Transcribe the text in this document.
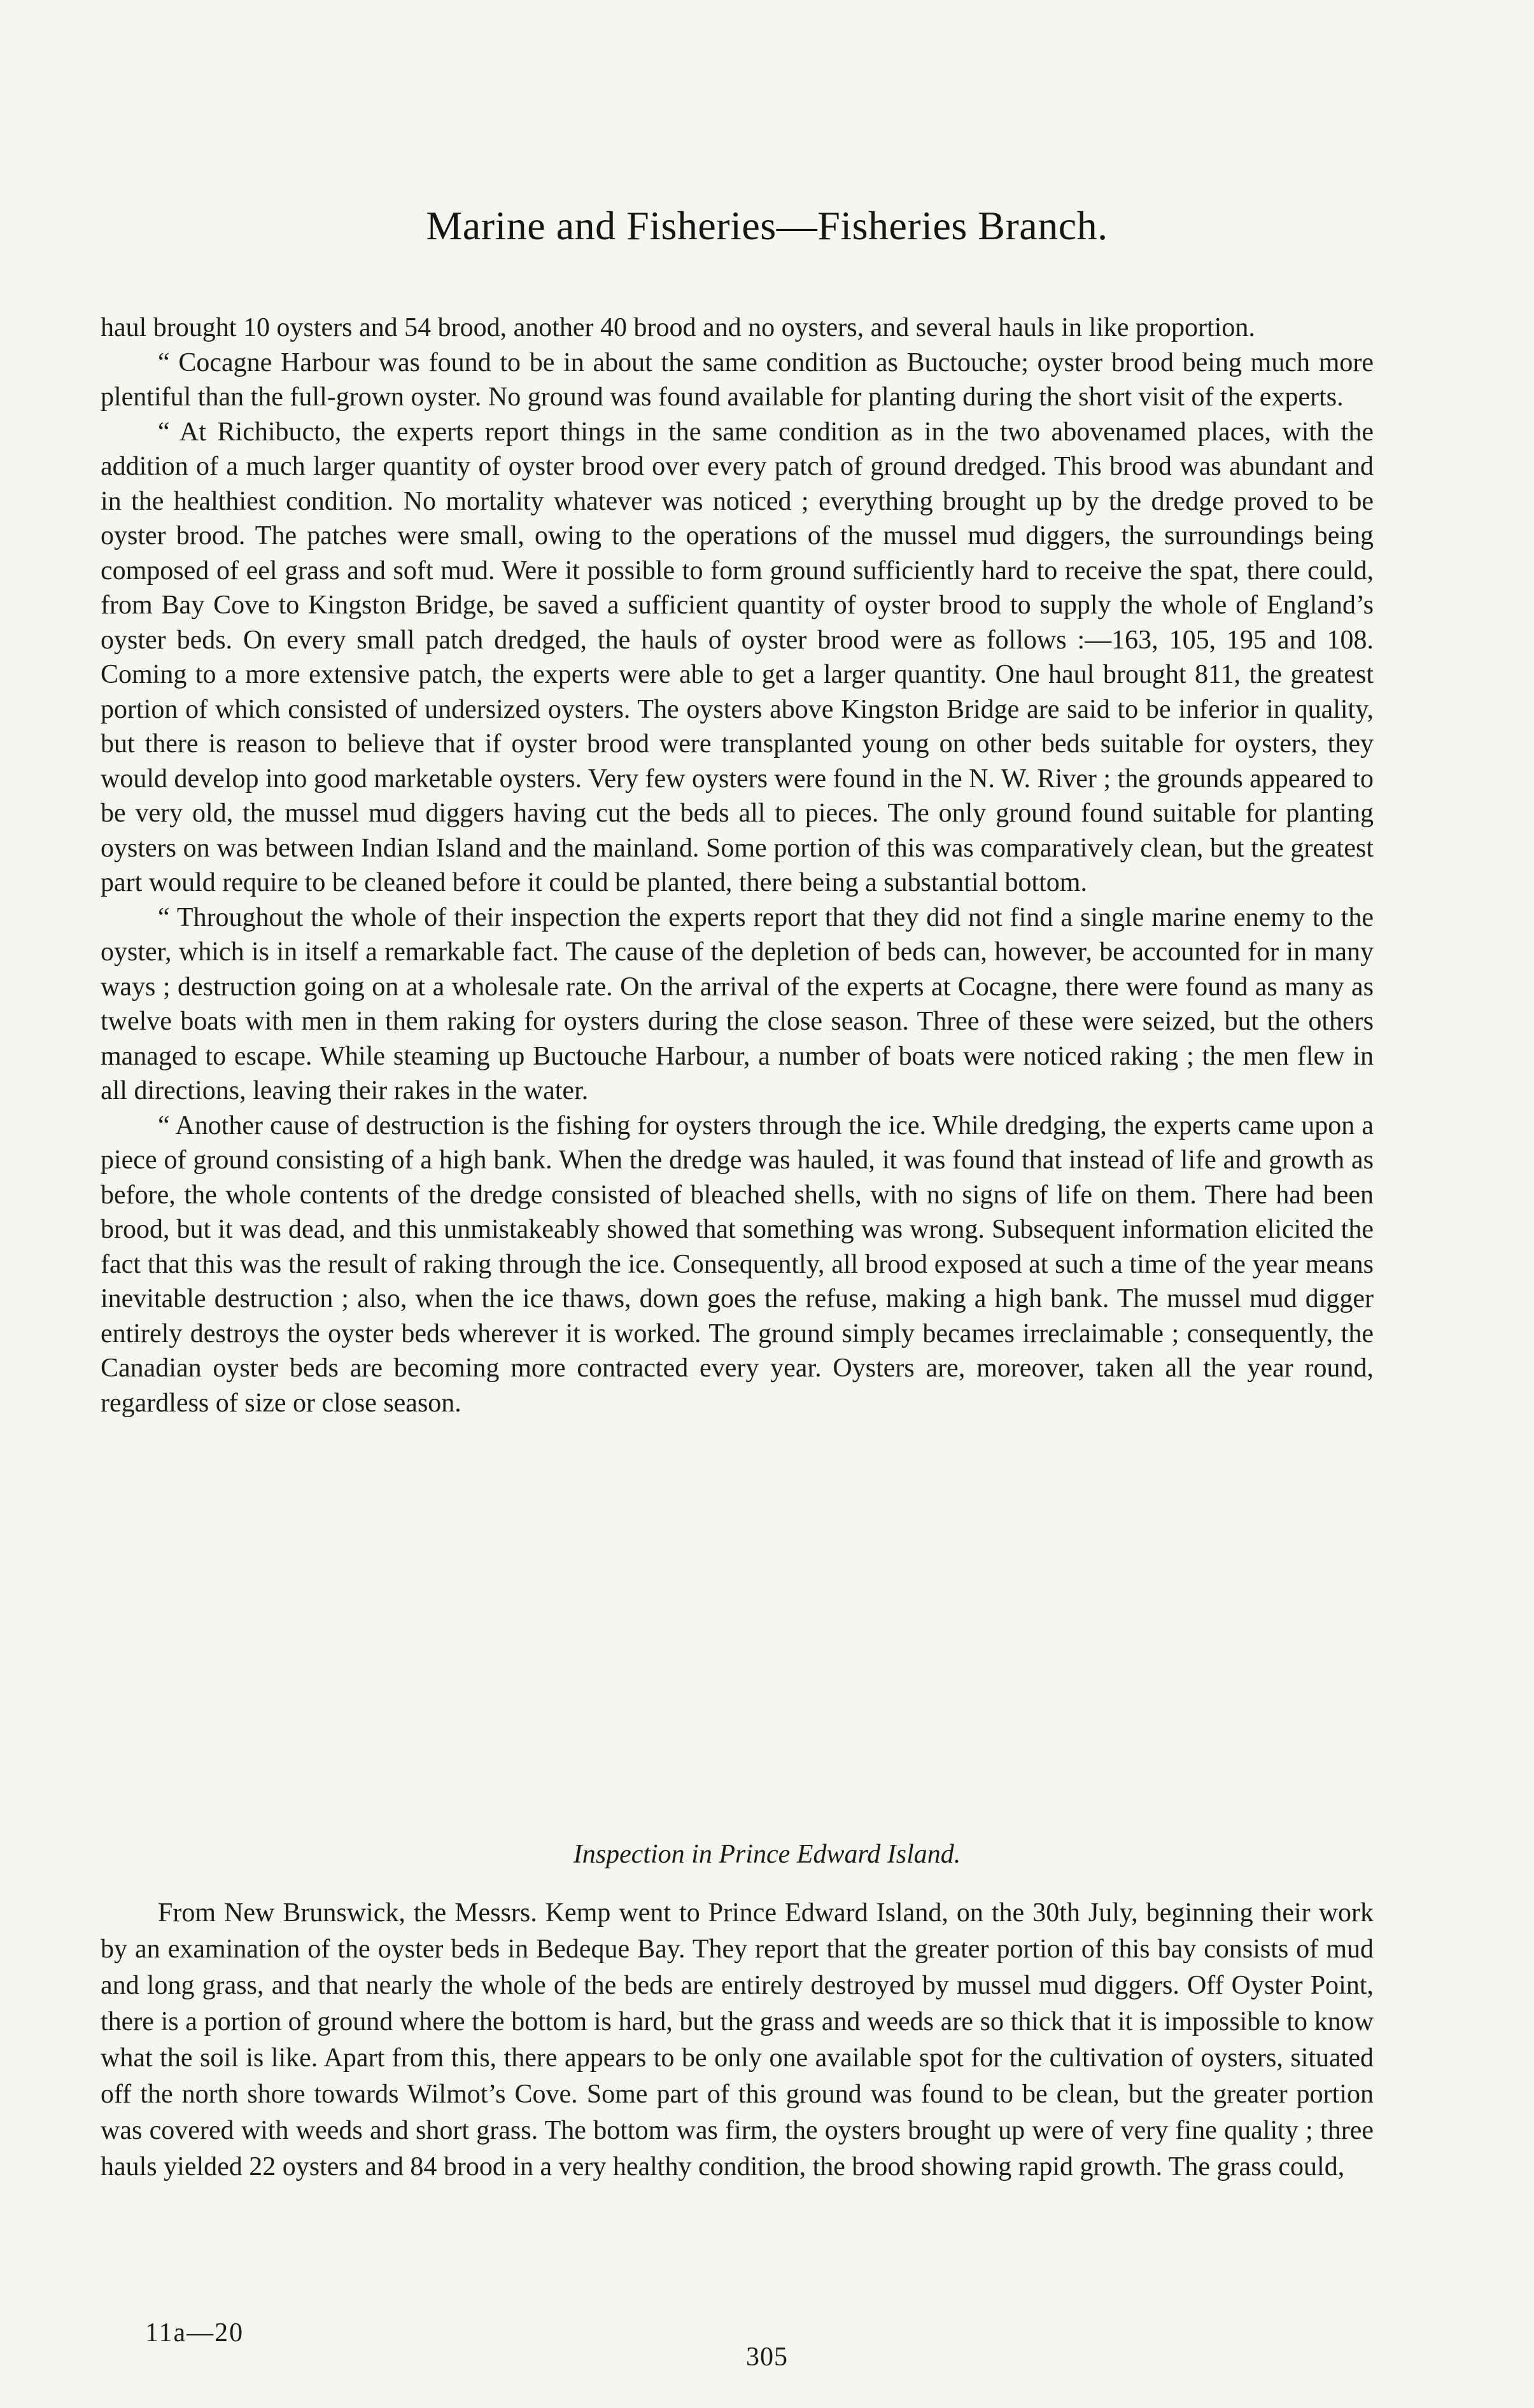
Marine and Fisheries—Fisheries Branch.

haul brought 10 oysters and 54 brood, another 40 brood and no oysters, and several hauls in like proportion.

“ Cocagne Harbour was found to be in about the same condition as Buctouche; oyster brood being much more plentiful than the full-grown oyster. No ground was found available for planting during the short visit of the experts.

“ At Richibucto, the experts report things in the same condition as in the two abovenamed places, with the addition of a much larger quantity of oyster brood over every patch of ground dredged. This brood was abundant and in the healthiest condition. No mortality whatever was noticed ; everything brought up by the dredge proved to be oyster brood. The patches were small, owing to the operations of the mussel mud diggers, the surroundings being composed of eel grass and soft mud. Were it possible to form ground sufficiently hard to receive the spat, there could, from Bay Cove to Kingston Bridge, be saved a sufficient quantity of oyster brood to supply the whole of England’s oyster beds. On every small patch dredged, the hauls of oyster brood were as follows :—163, 105, 195 and 108. Coming to a more extensive patch, the experts were able to get a larger quantity. One haul brought 811, the greatest portion of which consisted of undersized oysters. The oysters above Kingston Bridge are said to be inferior in quality, but there is reason to believe that if oyster brood were transplanted young on other beds suitable for oysters, they would develop into good marketable oysters. Very few oysters were found in the N. W. River ; the grounds appeared to be very old, the mussel mud diggers having cut the beds all to pieces. The only ground found suitable for planting oysters on was between Indian Island and the mainland. Some portion of this was comparatively clean, but the greatest part would require to be cleaned before it could be planted, there being a substantial bottom.

“ Throughout the whole of their inspection the experts report that they did not find a single marine enemy to the oyster, which is in itself a remarkable fact. The cause of the depletion of beds can, however, be accounted for in many ways ; destruction going on at a wholesale rate. On the arrival of the experts at Cocagne, there were found as many as twelve boats with men in them raking for oysters during the close season. Three of these were seized, but the others managed to escape. While steaming up Buctouche Harbour, a number of boats were noticed raking ; the men flew in all directions, leaving their rakes in the water.

“ Another cause of destruction is the fishing for oysters through the ice. While dredging, the experts came upon a piece of ground consisting of a high bank. When the dredge was hauled, it was found that instead of life and growth as before, the whole contents of the dredge consisted of bleached shells, with no signs of life on them. There had been brood, but it was dead, and this unmistakeably showed that something was wrong. Subsequent information elicited the fact that this was the result of raking through the ice. Consequently, all brood exposed at such a time of the year means inevitable destruction ; also, when the ice thaws, down goes the refuse, making a high bank. The mussel mud digger entirely destroys the oyster beds wherever it is worked. The ground simply becames irreclaimable ; consequently, the Canadian oyster beds are becoming more contracted every year. Oysters are, moreover, taken all the year round, regardless of size or close season.

Inspection in Prince Edward Island.

From New Brunswick, the Messrs. Kemp went to Prince Edward Island, on the 30th July, beginning their work by an examination of the oyster beds in Bedeque Bay. They report that the greater portion of this bay consists of mud and long grass, and that nearly the whole of the beds are entirely destroyed by mussel mud diggers. Off Oyster Point, there is a portion of ground where the bottom is hard, but the grass and weeds are so thick that it is impossible to know what the soil is like. Apart from this, there appears to be only one available spot for the cultivation of oysters, situated off the north shore towards Wilmot’s Cove. Some part of this ground was found to be clean, but the greater portion was covered with weeds and short grass. The bottom was firm, the oysters brought up were of very fine quality ; three hauls yielded 22 oysters and 84 brood in a very healthy condition, the brood showing rapid growth. The grass could,

11a—20
305
